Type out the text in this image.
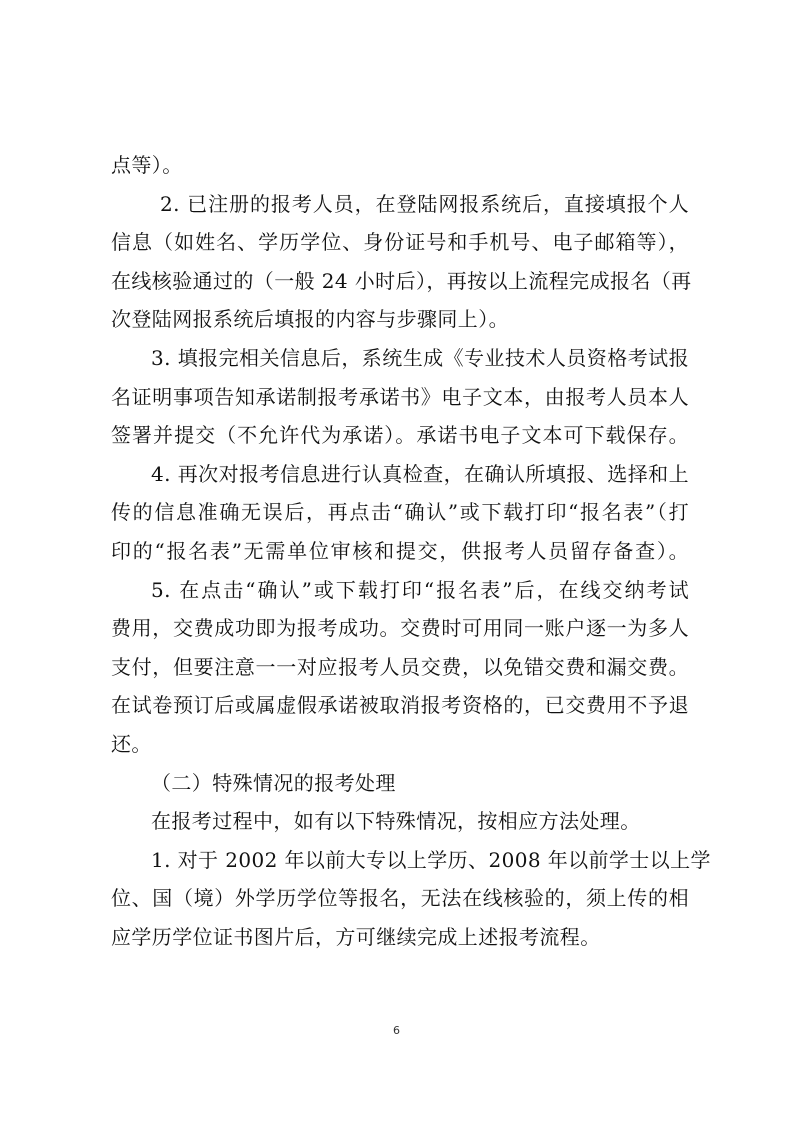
点等）。
2. 已注册的报考人员，在登陆网报系统后，直接填报个人
信息（如姓名、学历学位、身份证号和手机号、电子邮箱等），
在线核验通过的（一般 24 小时后），再按以上流程完成报名（再
次登陆网报系统后填报的内容与步骤同上）。
3. 填报完相关信息后，系统生成《专业技术人员资格考试报
名证明事项告知承诺制报考承诺书》电子文本，由报考人员本人
签署并提交（不允许代为承诺）。承诺书电子文本可下载保存。
4. 再次对报考信息进行认真检查，在确认所填报、选择和上
传的信息准确无误后，再点击“确认”或下载打印“报名表”（打
印的“报名表”无需单位审核和提交，供报考人员留存备查）。
5. 在点击“确认”或下载打印“报名表”后，在线交纳考试
费用，交费成功即为报考成功。交费时可用同一账户逐一为多人
支付，但要注意一一对应报考人员交费，以免错交费和漏交费。
在试卷预订后或属虚假承诺被取消报考资格的，已交费用不予退
还。
（二）特殊情况的报考处理
在报考过程中，如有以下特殊情况，按相应方法处理。
1. 对于 2002 年以前大专以上学历、2008 年以前学士以上学
位、国（境）外学历学位等报名，无法在线核验的，须上传的相
应学历学位证书图片后，方可继续完成上述报考流程。
6
